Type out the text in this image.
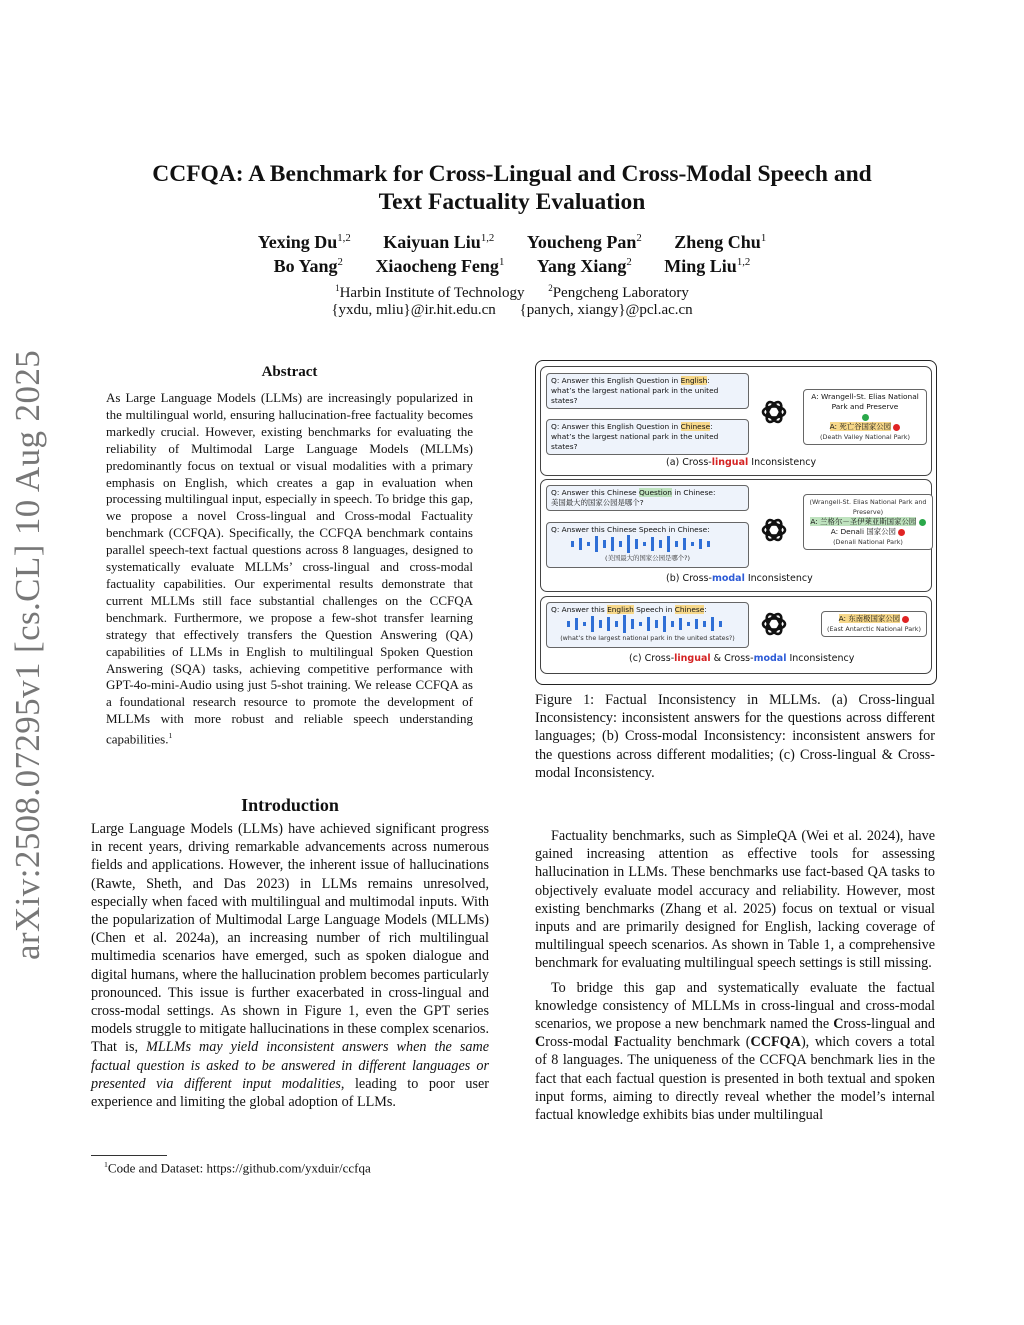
arXiv:2508.07295v1 [cs.CL] 10 Aug 2025
CCFQA: A Benchmark for Cross-Lingual and Cross-Modal Speech and Text Factuality Evaluation
Yexing Du$^{1,2}$ Kaiyuan Liu$^{1,2}$ Youcheng Pan$^2$ Zheng Chu$^1$
Bo Yang$^2$ Xiaocheng Feng$^1$ Yang Xiang$^2$ Ming Liu$^{1,2}$
$^1$Harbin Institute of Technology	$^2$Pengcheng Laboratory
{yxdu, mliu}@ir.hit.edu.cn {panych, xiangy}@pcl.ac.cn
Abstract
As Large Language Models (LLMs) are increasingly popularized in the multilingual world, ensuring hallucination-free factuality becomes markedly crucial. However, existing benchmarks for evaluating the reliability of Multimodal Large Language Models (MLLMs) predominantly focus on textual or visual modalities with a primary emphasis on English, which creates a gap in evaluation when processing multilingual input, especially in speech. To bridge this gap, we propose a novel Cross-lingual and Cross-modal Factuality benchmark (CCFQA). Specifically, the CCFQA benchmark contains parallel speech-text factual questions across 8 languages, designed to systematically evaluate MLLMs’ cross-lingual and cross-modal factuality capabilities. Our experimental results demonstrate that current MLLMs still face substantial challenges on the CCFQA benchmark. Furthermore, we propose a few-shot transfer learning strategy that effectively transfers the Question Answering (QA) capabilities of LLMs in English to multilingual Spoken Question Answering (SQA) tasks, achieving competitive performance with GPT-4o-mini-Audio using just 5-shot training. We release CCFQA as a foundational research resource to promote the development of MLLMs with more robust and reliable speech understanding capabilities.$^1$
Introduction

Large Language Models (LLMs) have achieved significant progress in recent years, driving remarkable advancements across numerous fields and applications. However, the inherent issue of hallucinations (Rawte, Sheth, and Das 2023) in LLMs remains unresolved, especially when faced with multilingual and multimodal inputs. With the popularization of Multimodal Large Language Models (MLLMs) (Chen et al. 2024a), an increasing number of rich multilingual multimedia scenarios have emerged, such as spoken dialogue and digital humans, where the hallucination problem becomes particularly pronounced. This issue is further exacerbated in cross-lingual and cross-modal settings. As shown in Figure 1, even the GPT series models struggle to mitigate hallucinations in these complex scenarios. That is, MLLMs may yield inconsistent answers when the same factual question is asked to be answered in different languages or presented via different input modalities, leading to poor user experience and limiting the global adoption of LLMs.

$^1$Code and Dataset: https://github.com/yxduir/ccfqa
Q: Answer this English Question in English:
what’s the largest national park in the united states?
Q: Answer this English Question in Chinese:
what’s the largest national park in the united states?
A: Wrangell-St. Elias National Park and Preserve
A: 死亡谷国家公园
(Death Valley National Park)
(a) Cross-lingual Inconsistency
Q: Answer this Chinese Question in Chinese:
美国最大的国家公园是哪个?
Q: Answer this Chinese Speech in Chinese:
(美国最大的国家公园是哪个?)
(Wrangell-St. Elias National Park and Preserve)
A: 兰格尔－圣伊莱亚斯国家公园
A: Denali 国家公园
(Denali National Park)
(b) Cross-modal Inconsistency
Q: Answer this English Speech in Chinese:
(what’s the largest national park in the united states?)
A: 东南极国家公园
(East Antarctic National Park)
(c) Cross-lingual & Cross-modal Inconsistency
Figure 1: Factual Inconsistency in MLLMs. (a) Cross-lingual Inconsistency: inconsistent answers for the questions across different languages; (b) Cross-modal Inconsistency: inconsistent answers for the questions across different modalities; (c) Cross-lingual & Cross-modal Inconsistency.

Factuality benchmarks, such as SimpleQA (Wei et al. 2024), have gained increasing attention as effective tools for assessing hallucination in LLMs. These benchmarks use fact-based QA tasks to objectively evaluate model accuracy and reliability. However, most existing benchmarks (Zhang et al. 2025) focus on textual or visual inputs and are primarily designed for English, lacking coverage of multilingual speech scenarios. As shown in Table 1, a comprehensive benchmark for evaluating multilingual speech settings is still missing.

To bridge this gap and systematically evaluate the factual knowledge consistency of MLLMs in cross-lingual and cross-modal scenarios, we propose a new benchmark named the Cross-lingual and Cross-modal Factuality benchmark (CCFQA), which covers a total of 8 languages. The uniqueness of the CCFQA benchmark lies in the fact that each factual question is presented in both textual and spoken input forms, aiming to directly reveal whether the model’s internal factual knowledge exhibits bias under multilingual
